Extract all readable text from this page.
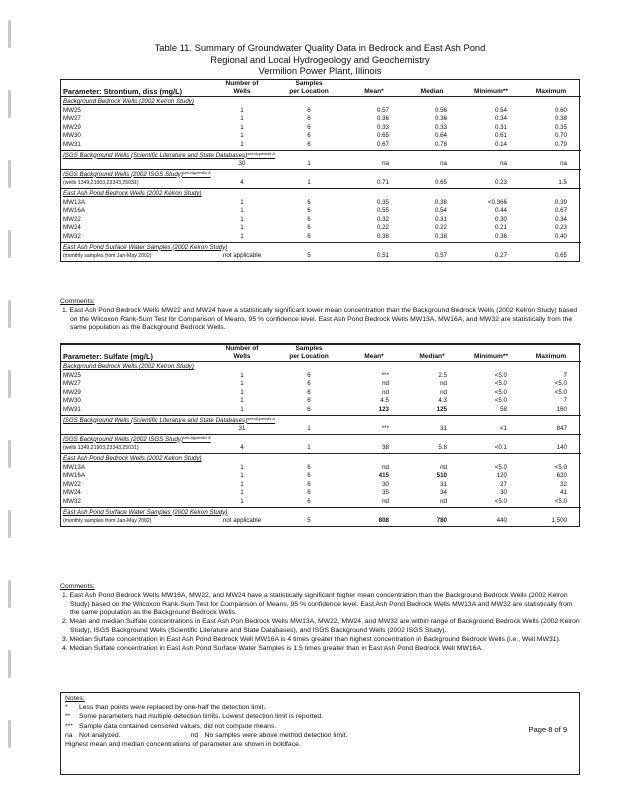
Table 11. Summary of Groundwater Quality Data in Bedrock and East Ash Pond
Regional and Local Hydrogeology and Geochemistry
Vermilion Power Plant, Illinois
	Number of	Samples				
Parameter: Strontium, diss (mg/L)	Wells	per Location	Mean*	Median	Minimum**	Maximum
Background Bedrock Wells (2002 Kelron Study)						
MW25	1	6	0.57	0.56	0.54	0.60
MW27	1	6	0.36	0.36	0.34	0.38
MW29	1	6	0.33	0.33	0.31	0.35
MW30	1	6	0.65	0.64	0.61	0.70
MW31	1	6	0.67	0.78	0.14	0.79
ISGS Background Wells (Scientific Literature and State Databases)$^{see Appendix A}$
	30	1	na	na	na	na
ISGS Background Wells (2002 ISGS Study)$^{see Appendix A}$
(wells 1349,21903,23343,25031)	4	1	0.71	0.65	0.23	1.5
East Ash Pond Bedrock Wells (2002 Kelron Study)						
MW13A	1	6	0.35	0.38	<0.366	0.39
MW16A	1	6	0.55	0.54	0.44	0.67
MW22	1	6	0.32	0.31	0.30	0.34
MW24	1	6	0.22	0.22	0.21	0.23
MW32	1	6	0.38	0.38	0.36	0.40
East Ash Pond Surface Water Samples (2002 Kelron Study)						
(monthly samples from Jan-May 2002)	not applicable	5	0.51	0.57	0.27	0.65
Comments:
1. East Ash Pond Bedrock Wells MW22 and MW24 have a statistically significant lower mean concentration than the Background Bedrock Wells (2002 Kelron Study) based on the Wilcoxon Rank-Sum Test for Comparison of Means, 95 % confidence level. East Ash Pond Bedrock Wells MW13A, MW16A, and MW32 are statistically from the same population as the Background Bedrock Wells.
	Number of	Samples				
Parameter: Sulfate (mg/L)	Wells	per Location	Mean*	Median*	Minimum**	Maximum
Background Bedrock Wells (2002 Kelron Study)						
MW25	1	6	***	2.5	<5.0	7
MW27	1	6	nd	nd	<5.0	<5.0
MW29	1	6	nd	nd	<5.0	<5.0
MW30	1	6	4.5	4.3	<5.0	7
MW31	1	6	123	125	58	160
ISGS Background Wells (Scientific Literature and State Databases)$^{see Appendix A}$
	31	1	***	31	<1	847
ISGS Background Wells (2002 ISGS Study)$^{see Appendix A}$
(wells 1349,21903,23343,25031)	4	1	38	5.8	<0.1	140
East Ash Pond Bedrock Wells (2002 Kelron Study)						
MW13A	1	6	nd	nd	<5.0	<5.0
MW16A	1	6	415	510	120	620
MW22	1	6	30	31	27	32
MW24	1	6	35	34	30	41
MW32	1	6	nd	nd	<5.0	<5.0
East Ash Pond Surface Water Samples (2002 Kelron Study)						
(monthly samples from Jan-May 2002)	not applicable	5	808	780	440	1,500
Comments:
1. East Ash Pond Bedrock Wells MW16A, MW22, and MW24 have a statistically significant higher mean concentration than the Background Bedrock Wells (2002 Kelron Study) based on the Wilcoxon Rank-Sum Test for Comparison of Means, 95 % confidence level. East Ash Pond Bedrock Wells MW13A and MW32 are statistically from the same population as the Background Bedrock Wells.
2. Mean and median Sulfate concentrations in East Ash Pon Bedrock Wells MW13A, MW22, MW24, and MW32 are within range of Background Bedrock Wells (2002 Kelron Study), ISGS Background Wells (Scientific Literature and State Databases), and ISGS Background Wells (2002 ISGS Study).
3. Median Sulfate concentration in East Ash Pond Bedrock Well MW16A is 4 times greater than highest concentration in Background Bedrock Wells (i.e., Well MW31).
4. Median Sulfate concentration in East Ash Pond Surface Water Samples is 1.5 times greater than in East Ash Pond Bedrock Well MW16A.
Notes:
* Less than points were replaced by one-half the detection limit.
** Some parameters had multiple detection limits. Lowest detection limit is reported.
*** Sample data contained censored values, did not compute means.
na Not analyzed.	nd No samples were above method detection limit.
Page 8 of 9
Highest mean and median concentrations of parameter are shown in boldface.
